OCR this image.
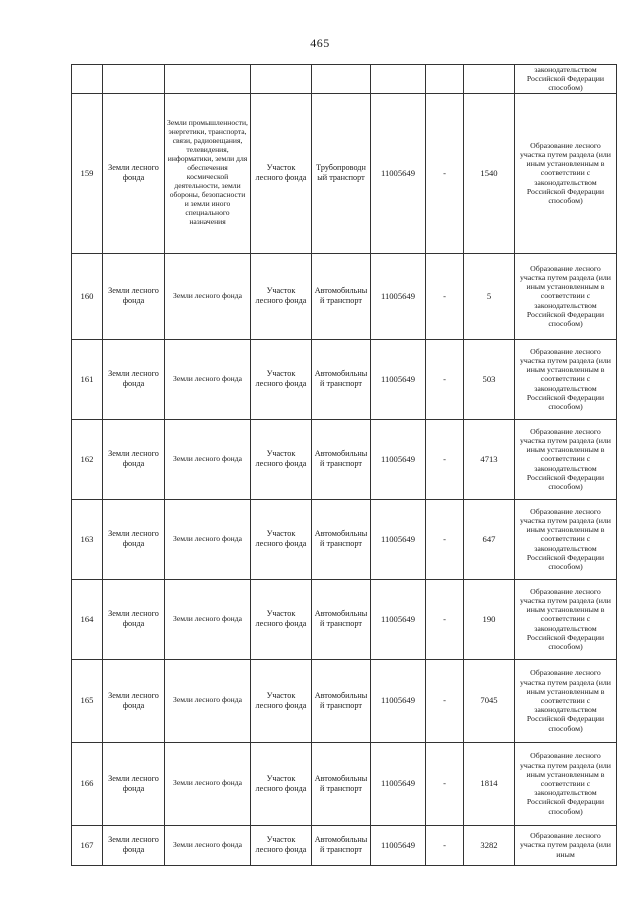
465
								законодательством Российской Федерации способом)
159	Земли лесного фонда	Земли промышленности, энергетики, транспорта, связи, радиовещания, телевидения, информатики, земли для обеспечения космической деятельности, земли обороны, безопасности и земли иного специального назначения	Участок лесного фонда	Трубопроводный транспорт	11005649	-	1540	Образование лесного участка путем раздела (или иным установленным в соответствии с законодательством Российской Федерации способом)
160	Земли лесного фонда	Земли лесного фонда	Участок лесного фонда	Автомобильный транспорт	11005649	-	5	Образование лесного участка путем раздела (или иным установленным в соответствии с законодательством Российской Федерации способом)
161	Земли лесного фонда	Земли лесного фонда	Участок лесного фонда	Автомобильный транспорт	11005649	-	503	Образование лесного участка путем раздела (или иным установленным в соответствии с законодательством Российской Федерации способом)
162	Земли лесного фонда	Земли лесного фонда	Участок лесного фонда	Автомобильный транспорт	11005649	-	4713	Образование лесного участка путем раздела (или иным установленным в соответствии с законодательством Российской Федерации способом)
163	Земли лесного фонда	Земли лесного фонда	Участок лесного фонда	Автомобильный транспорт	11005649	-	647	Образование лесного участка путем раздела (или иным установленным в соответствии с законодательством Российской Федерации способом)
164	Земли лесного фонда	Земли лесного фонда	Участок лесного фонда	Автомобильный транспорт	11005649	-	190	Образование лесного участка путем раздела (или иным установленным в соответствии с законодательством Российской Федерации способом)
165	Земли лесного фонда	Земли лесного фонда	Участок лесного фонда	Автомобильный транспорт	11005649	-	7045	Образование лесного участка путем раздела (или иным установленным в соответствии с законодательством Российской Федерации способом)
166	Земли лесного фонда	Земли лесного фонда	Участок лесного фонда	Автомобильный транспорт	11005649	-	1814	Образование лесного участка путем раздела (или иным установленным в соответствии с законодательством Российской Федерации способом)
167	Земли лесного фонда	Земли лесного фонда	Участок лесного фонда	Автомобильный транспорт	11005649	-	3282	Образование лесного участка путем раздела (или иным
